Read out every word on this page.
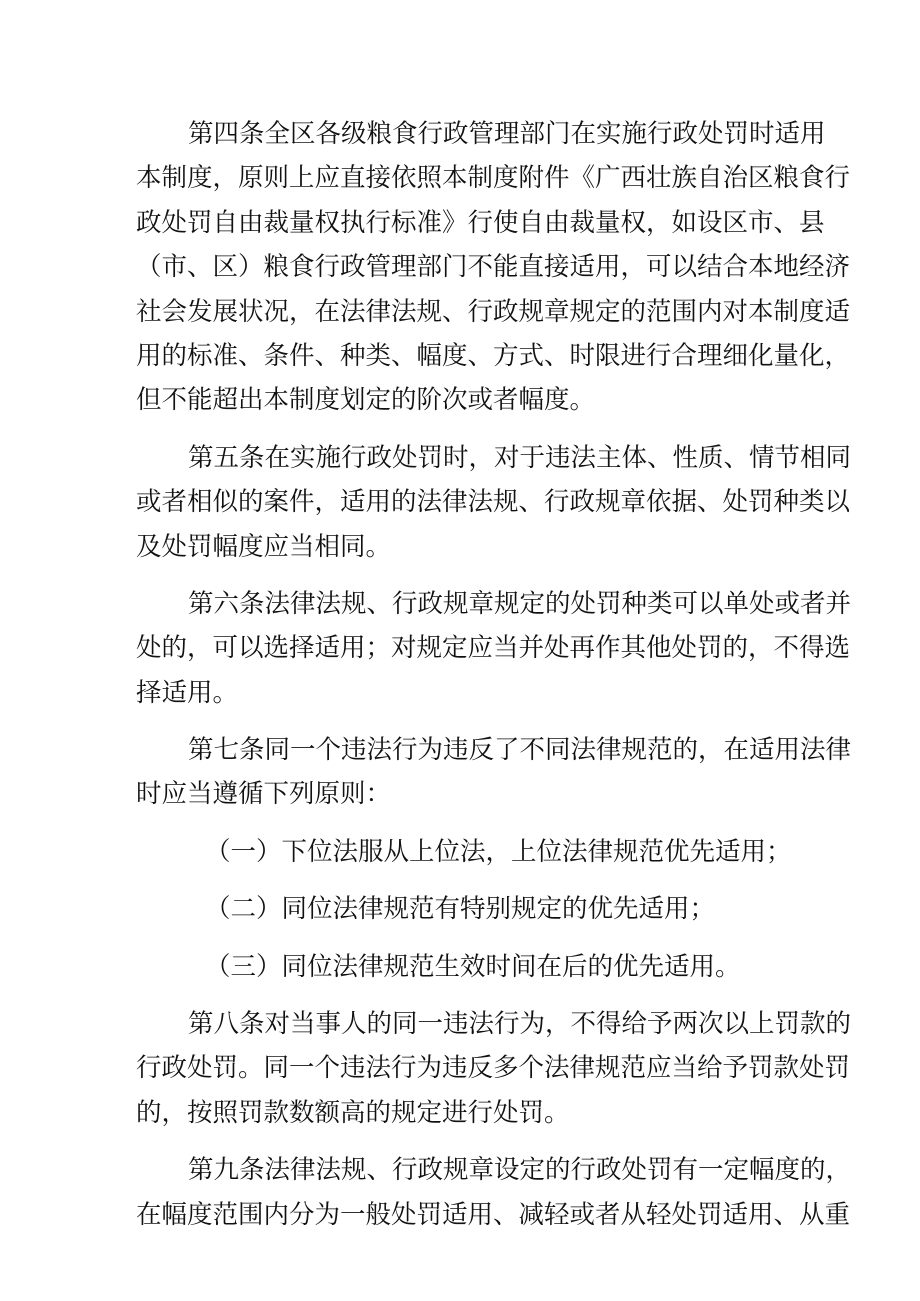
第四条全区各级粮食行政管理部门在实施行政处罚时适用
本制度，原则上应直接依照本制度附件《广西壮族自治区粮食行
政处罚自由裁量权执行标准》行使自由裁量权，如设区市、县
（市、区）粮食行政管理部门不能直接适用，可以结合本地经济
社会发展状况，在法律法规、行政规章规定的范围内对本制度适
用的标准、条件、种类、幅度、方式、时限进行合理细化量化，
但不能超出本制度划定的阶次或者幅度。
第五条在实施行政处罚时，对于违法主体、性质、情节相同
或者相似的案件，适用的法律法规、行政规章依据、处罚种类以
及处罚幅度应当相同。
第六条法律法规、行政规章规定的处罚种类可以单处或者并
处的，可以选择适用；对规定应当并处再作其他处罚的，不得选
择适用。
第七条同一个违法行为违反了不同法律规范的，在适用法律
时应当遵循下列原则：
（一）下位法服从上位法，上位法律规范优先适用；
（二）同位法律规范有特别规定的优先适用；
（三）同位法律规范生效时间在后的优先适用。
第八条对当事人的同一违法行为，不得给予两次以上罚款的
行政处罚。同一个违法行为违反多个法律规范应当给予罚款处罚
的，按照罚款数额高的规定进行处罚。
第九条法律法规、行政规章设定的行政处罚有一定幅度的，
在幅度范围内分为一般处罚适用、减轻或者从轻处罚适用、从重
